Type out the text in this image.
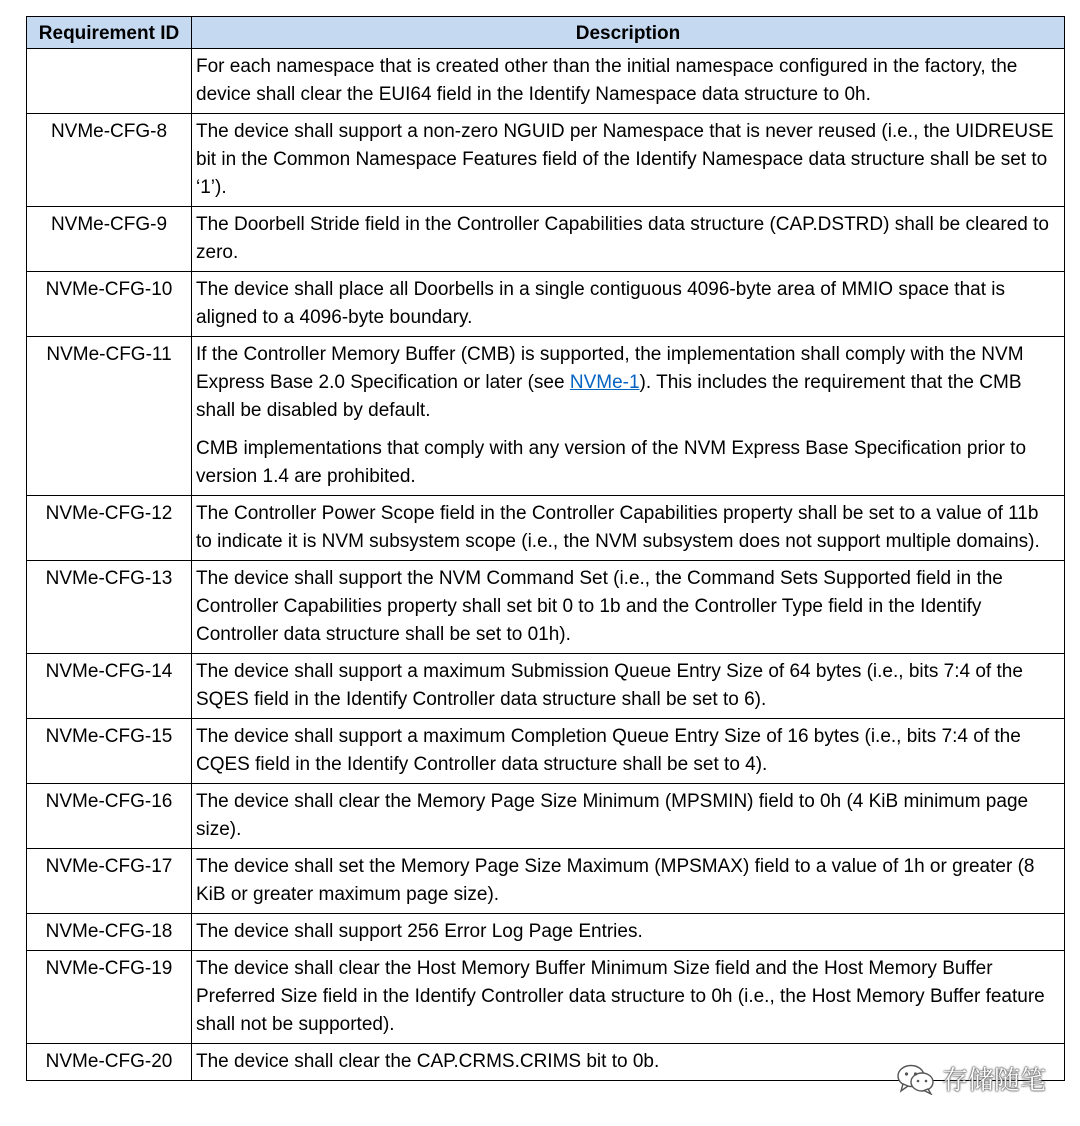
Requirement ID	Description

	For each namespace that is created other than the initial namespace configured in the factory, the device shall clear the EUI64 field in the Identify Namespace data structure to 0h.

NVMe-CFG-8	The device shall support a non-zero NGUID per Namespace that is never reused (i.e., the UIDREUSE bit in the Common Namespace Features field of the Identify Namespace data structure shall be set to ‘1’).

NVMe-CFG-9	The Doorbell Stride field in the Controller Capabilities data structure (CAP.DSTRD) shall be cleared to zero.

NVMe-CFG-10	The device shall place all Doorbells in a single contiguous 4096-byte area of MMIO space that is aligned to a 4096-byte boundary.

NVMe-CFG-11	If the Controller Memory Buffer (CMB) is supported, the implementation shall comply with the NVM Express Base 2.0 Specification or later (see NVMe-1). This includes the requirement that the CMB shall be disabled by default.
CMB implementations that comply with any version of the NVM Express Base Specification prior to version 1.4 are prohibited.

NVMe-CFG-12	The Controller Power Scope field in the Controller Capabilities property shall be set to a value of 11b to indicate it is NVM subsystem scope (i.e., the NVM subsystem does not support multiple domains).

NVMe-CFG-13	The device shall support the NVM Command Set (i.e., the Command Sets Supported field in the Controller Capabilities property shall set bit 0 to 1b and the Controller Type field in the Identify Controller data structure shall be set to 01h).

NVMe-CFG-14	The device shall support a maximum Submission Queue Entry Size of 64 bytes (i.e., bits 7:4 of the SQES field in the Identify Controller data structure shall be set to 6).

NVMe-CFG-15	The device shall support a maximum Completion Queue Entry Size of 16 bytes (i.e., bits 7:4 of the CQES field in the Identify Controller data structure shall be set to 4).

NVMe-CFG-16	The device shall clear the Memory Page Size Minimum (MPSMIN) field to 0h (4 KiB minimum page size).

NVMe-CFG-17	The device shall set the Memory Page Size Maximum (MPSMAX) field to a value of 1h or greater (8 KiB or greater maximum page size).

NVMe-CFG-18	The device shall support 256 Error Log Page Entries.

NVMe-CFG-19	The device shall clear the Host Memory Buffer Minimum Size field and the Host Memory Buffer Preferred Size field in the Identify Controller data structure to 0h (i.e., the Host Memory Buffer feature shall not be supported).

NVMe-CFG-20	The device shall clear the CAP.CRMS.CRIMS bit to 0b.
存储随笔
